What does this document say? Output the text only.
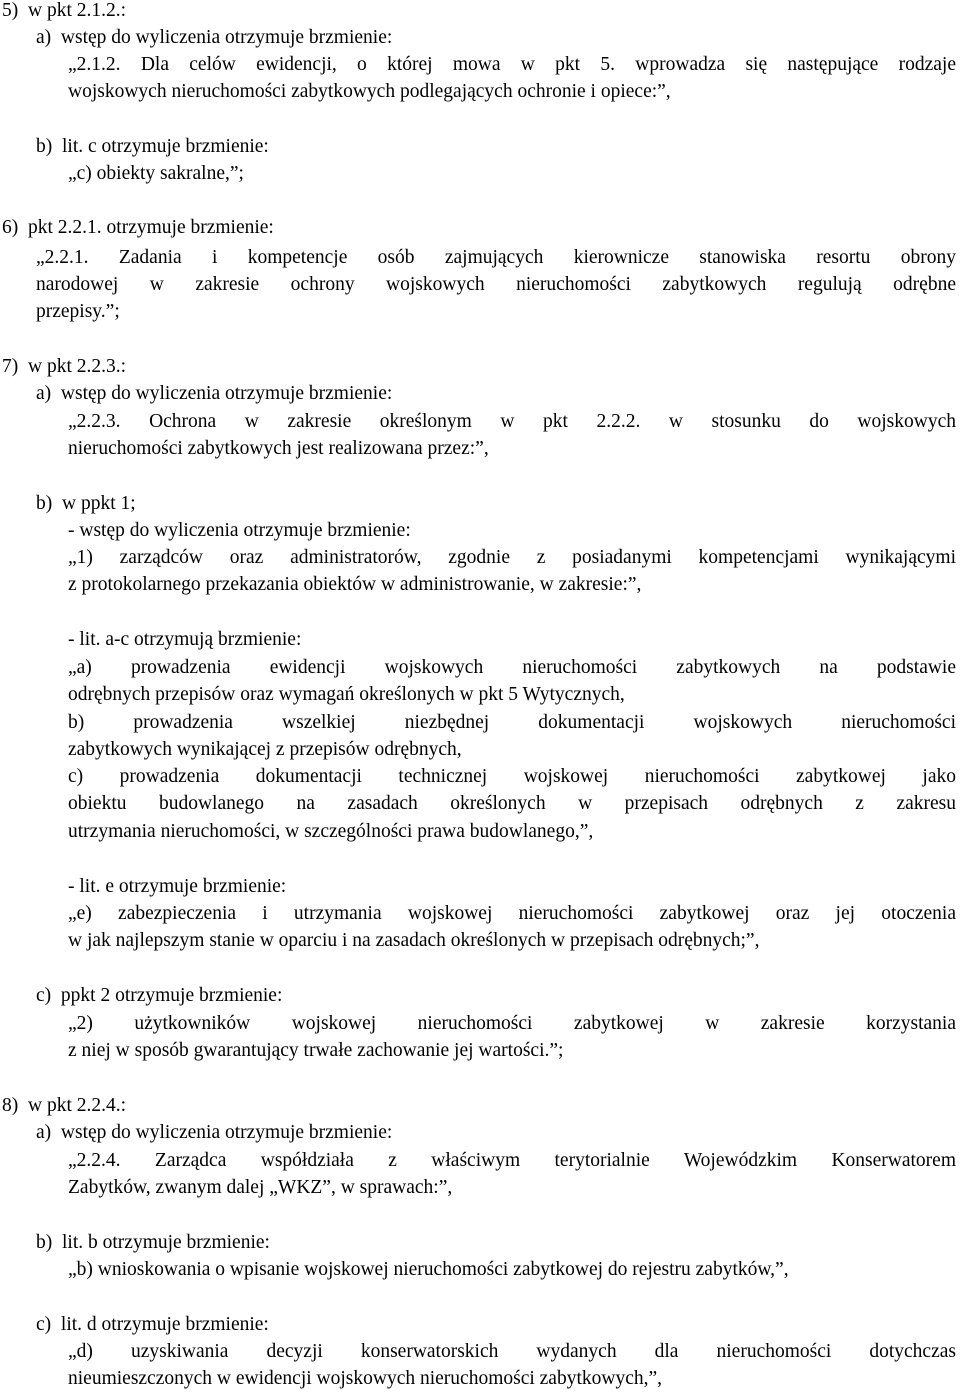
5)  w pkt 2.1.2.:
a)  wstęp do wyliczenia otrzymuje brzmienie:
„2.1.2. Dla celów ewidencji, o której mowa w pkt 5. wprowadza się następujące rodzaje
wojskowych nieruchomości zabytkowych podlegających ochronie i opiece:”,
b)  lit. c otrzymuje brzmienie:
„c) obiekty sakralne,”;
6)  pkt 2.2.1. otrzymuje brzmienie:
„2.2.1. Zadania i kompetencje osób zajmujących kierownicze stanowiska resortu obrony
narodowej w zakresie ochrony wojskowych nieruchomości zabytkowych regulują odrębne
przepisy.”;
7)  w pkt 2.2.3.:
a)  wstęp do wyliczenia otrzymuje brzmienie:
„2.2.3. Ochrona w zakresie określonym w pkt 2.2.2. w stosunku do wojskowych
nieruchomości zabytkowych jest realizowana przez:”,
b)  w ppkt 1;
- wstęp do wyliczenia otrzymuje brzmienie:
„1) zarządców oraz administratorów, zgodnie z posiadanymi kompetencjami wynikającymi
z protokolarnego przekazania obiektów w administrowanie, w zakresie:”,
- lit. a-c otrzymują brzmienie:
„a) prowadzenia ewidencji wojskowych nieruchomości zabytkowych na podstawie
odrębnych przepisów oraz wymagań określonych w pkt 5 Wytycznych,
b) prowadzenia wszelkiej niezbędnej dokumentacji wojskowych nieruchomości
zabytkowych wynikającej z przepisów odrębnych,
c) prowadzenia dokumentacji technicznej wojskowej nieruchomości zabytkowej jako
obiektu budowlanego na zasadach określonych w przepisach odrębnych z zakresu
utrzymania nieruchomości, w szczególności prawa budowlanego,”,
- lit. e otrzymuje brzmienie:
„e) zabezpieczenia i utrzymania wojskowej nieruchomości zabytkowej oraz jej otoczenia
w jak najlepszym stanie w oparciu i na zasadach określonych w przepisach odrębnych;”,
c)  ppkt 2 otrzymuje brzmienie:
„2) użytkowników wojskowej nieruchomości zabytkowej w zakresie korzystania
z niej w sposób gwarantujący trwałe zachowanie jej wartości.”;
8)  w pkt 2.2.4.:
a)  wstęp do wyliczenia otrzymuje brzmienie:
„2.2.4. Zarządca współdziała z właściwym terytorialnie Wojewódzkim Konserwatorem
Zabytków, zwanym dalej „WKZ”, w sprawach:”,
b)  lit. b otrzymuje brzmienie:
„b) wnioskowania o wpisanie wojskowej nieruchomości zabytkowej do rejestru zabytków,”,
c)  lit. d otrzymuje brzmienie:
„d) uzyskiwania decyzji konserwatorskich wydanych dla nieruchomości dotychczas
nieumieszczonych w ewidencji wojskowych nieruchomości zabytkowych,”,
